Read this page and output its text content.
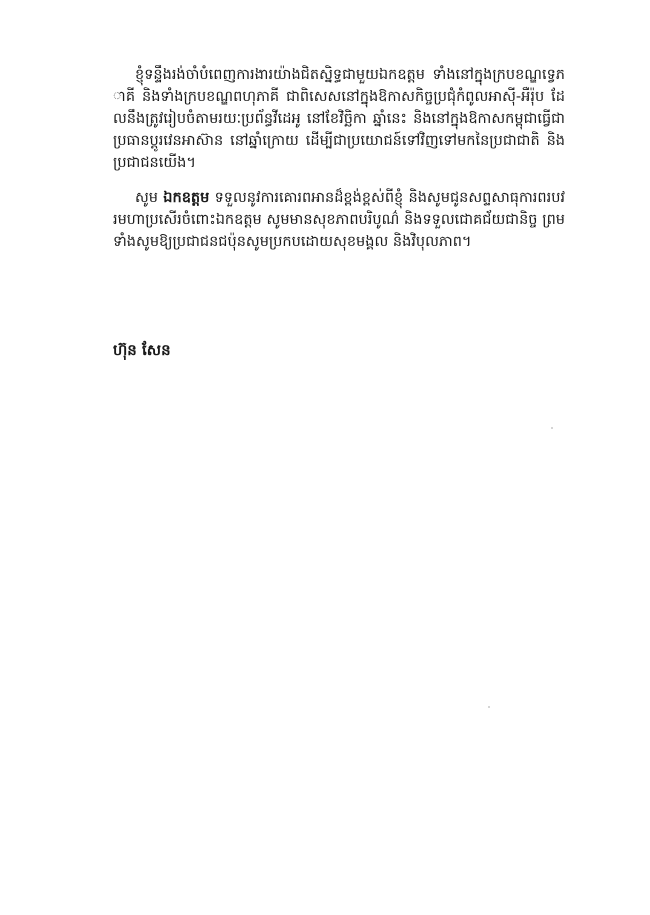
ខ្ញុំទន្ទឹងរង់ចាំបំពេញការងារយ៉ាងជិតស្និទ្ធជាមួយឯកឧត្តម ទាំងនៅក្នុងក្របខណ្ឌទ្វេភាគី និងទាំងក្របខណ្ឌពហុភាគី ជាពិសេសនៅក្នុងឱកាសកិច្ចប្រជុំកំពូលអាស៊ី-អឺរ៉ុប ដែលនឹងត្រូវរៀបចំតាមរយៈប្រព័ន្ធវីដេអូ នៅខែវិច្ឆិកា ឆ្នាំនេះ និងនៅក្នុងឱកាសកម្ពុជាធ្វើជាប្រធានប្ដូរវេនអាស៊ាន នៅឆ្នាំក្រោយ ដើម្បីជាប្រយោជន៍ទៅវិញទៅមកនៃប្រជាជាតិ និងប្រជាជនយើង។

សូម ឯកឧត្តម ទទួលនូវការគោរពអានដ៏ខ្ពង់ខ្ពស់ពីខ្ញុំ និងសូមជូនសព្ទសាធុការពរបវរមហាប្រសើរចំពោះឯកឧត្តម សូមមានសុខភាពបរិបូណ៌ និងទទួលជោគជ័យជានិច្ច ព្រមទាំងសូមឱ្យប្រជាជនជប៉ុនសូមប្រកបដោយសុខមង្គល និងវិបុលភាព។

ហ៊ុន សែន
